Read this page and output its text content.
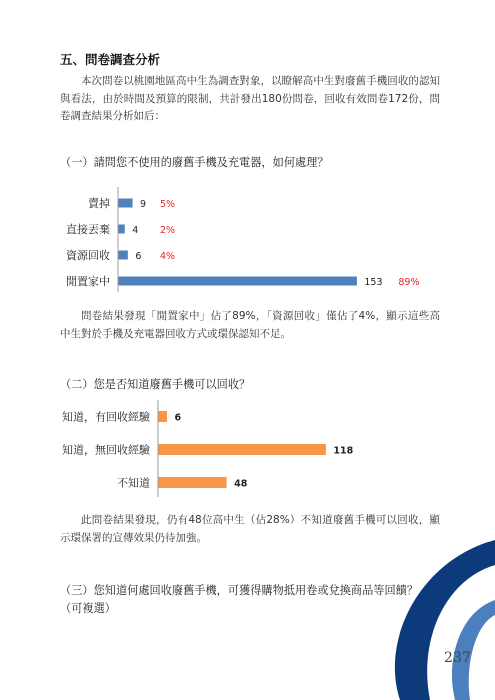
五、問卷調查分析
本次問卷以桃園地區高中生為調查對象，以瞭解高中生對廢舊手機回收的認知與看法，由於時間及預算的限制，共計發出180份問卷，回收有效問卷172份，問卷調查結果分析如后：
（一）請問您不使用的廢舊手機及充電器，如何處理？
賣掉	9 5%
直接丟棄 4 2%
資源回收	6 4%
閒置家中	153 89%
問卷結果發現「閒置家中」佔了89%，「資源回收」僅佔了4%，顯示這些高中生對於手機及充電器回收方式或環保認知不足。
（二）您是否知道廢舊手機可以回收？
知道，有回收經驗	6
知道，無回收經驗	118
不知道	48
此問卷結果發現，仍有48位高中生（佔28%）不知道廢舊手機可以回收，顯示環保署的宣傳效果仍待加強。
（三）您知道何處回收廢舊手機，可獲得購物抵用卷或兌換商品等回饋？（可複選）
237
